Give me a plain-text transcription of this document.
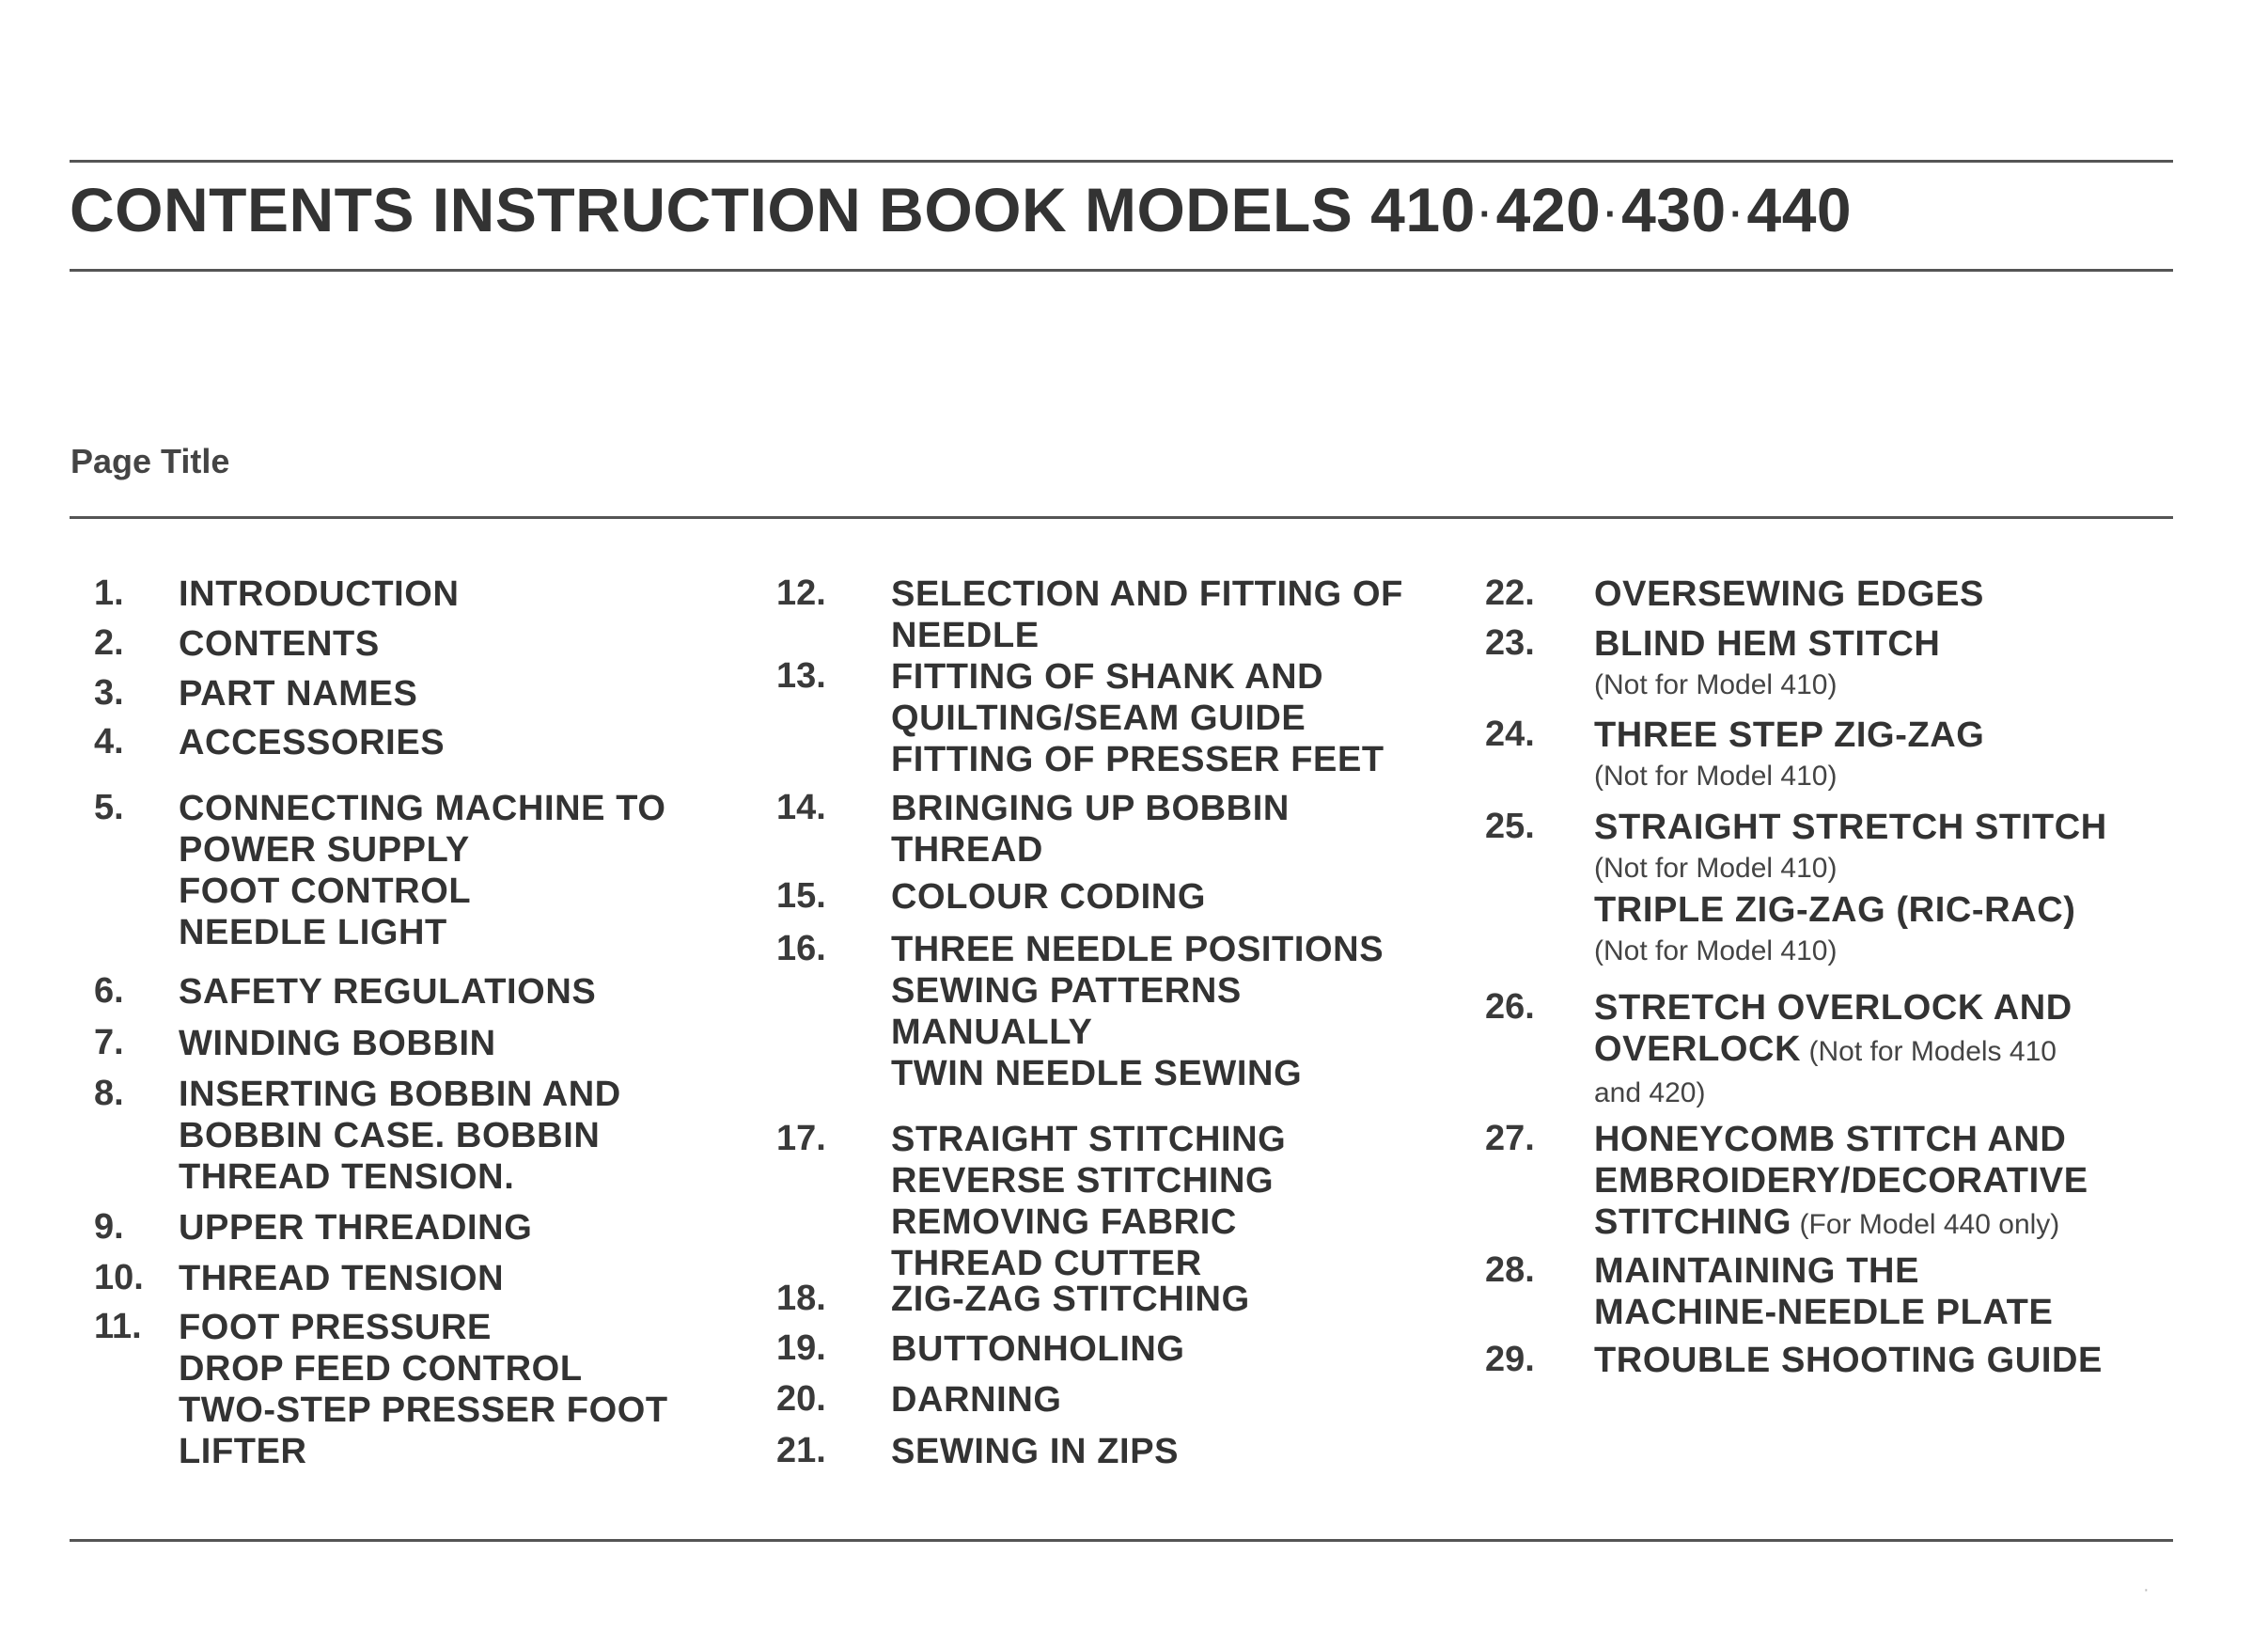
CONTENTS INSTRUCTION BOOK MODELS 410 ·420 ·430 ·440
Page Title
1. INTRODUCTION
2. CONTENTS
3. PART NAMES
4. ACCESSORIES
5. CONNECTING MACHINE TO
POWER SUPPLY
FOOT CONTROL
NEEDLE LIGHT
6. SAFETY REGULATIONS
7. WINDING BOBBIN
8. INSERTING BOBBIN AND
BOBBIN CASE. BOBBIN
THREAD TENSION.
9. UPPER THREADING
10. THREAD TENSION
11. FOOT PRESSURE
DROP FEED CONTROL
TWO-STEP PRESSER FOOT
LIFTER
12. SELECTION AND FITTING OF
NEEDLE
13. FITTING OF SHANK AND
QUILTING/SEAM GUIDE
FITTING OF PRESSER FEET
14. BRINGING UP BOBBIN
THREAD
15. COLOUR CODING
16. THREE NEEDLE POSITIONS
SEWING PATTERNS
MANUALLY
TWIN NEEDLE SEWING
17. STRAIGHT STITCHING
REVERSE STITCHING
REMOVING FABRIC
THREAD CUTTER
18. ZIG-ZAG STITCHING
19. BUTTONHOLING
20. DARNING
21. SEWING IN ZIPS
22. OVERSEWING EDGES
23. BLIND HEM STITCH
(Not for Model 410)
24. THREE STEP ZIG-ZAG
(Not for Model 410)
25. STRAIGHT STRETCH STITCH
(Not for Model 410)
TRIPLE ZIG-ZAG (RIC-RAC)
(Not for Model 410)
26. STRETCH OVERLOCK AND
OVERLOCK (Not for Models 410
and 420)
27. HONEYCOMB STITCH AND
EMBROIDERY/DECORATIVE
STITCHING (For Model 440 only)
28. MAINTAINING THE
MACHINE-NEEDLE PLATE
29. TROUBLE SHOOTING GUIDE
·
